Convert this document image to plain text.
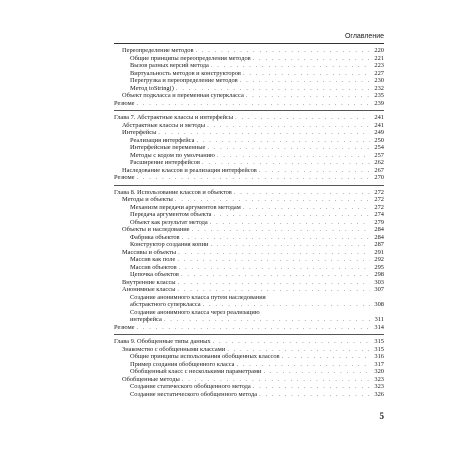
Оглавление
Переопределение методов . . .	220
Общие принципы переопределения методов . . .	221
Вызов разных версий метода . . .	223
Виртуальность методов и конструкторов . . .	227
Перегрузка и переопределение методов . . .	230
Метод toString() . . .	232
Объект подкласса и переменная суперкласса . . .	235
Резюме . . .	239
Глава 7. Абстрактные классы и интерфейсы . . .	241
Абстрактные классы и методы . . .	241
Интерфейсы . . .	249
Реализация интерфейса . . .	250
Интерфейсные переменные . . .	254
Методы с кодом по умолчанию . . .	257
Расширение интерфейсов . . .	262
Наследование классов и реализация интерфейсов . . .	267
Резюме . . .	270
Глава 8. Использование классов и объектов . . .	272
Методы и объекты . . .	272
Механизм передачи аргументов методам . . .	272
Передача аргументом объекта . . .	274
Объект как результат метода . . .	279
Объекты и наследование . . .	284
Фабрика объектов . . .	284
Конструктор создания копии . . .	287
Массивы и объекты . . .	291
Массив как поле . . .	292
Массив объектов . . .	295
Цепочка объектов . . .	298
Внутренние классы . . .	303
Анонимные классы . . .	307
Создание анонимного класса путем наследования
абстрактного суперкласса . . .	308
Создание анонимного класса через реализацию
интерфейса . . .	311
Резюме . . .	314
Глава 9. Обобщенные типы данных . . .	315
Знакомство с обобщенными классами . . .	315
Общие принципы использования обобщенных классов . . .	316
Пример создания обобщенного класса . . .	317
Обобщенный класс с несколькими параметрами . . .	320
Обобщенные методы . . .	323
Создание статического обобщенного метода . . .	323
Создание нестатического обобщенного метода . . .	326
5
